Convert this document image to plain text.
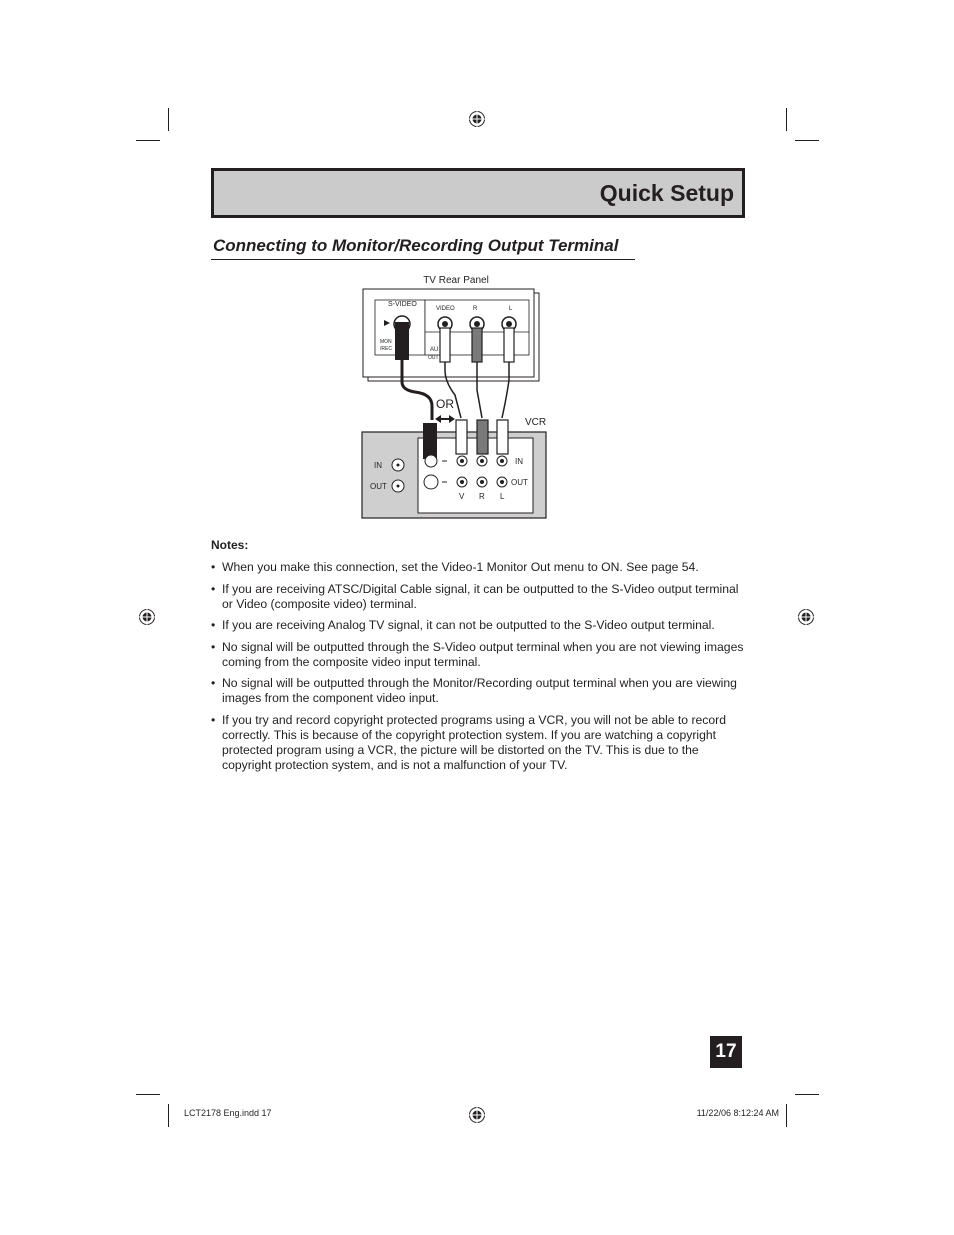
Quick Setup
Connecting to Monitor/Recording Output Terminal
TV Rear Panel
S-VIDEO
VIDEO	R	L
MON
/REC	AU
OUT
OR
VCR
IN
OUT
IN
OUT
V R L
Notes:
• When you make this connection, set the Video-1 Monitor Out menu to ON. See page 54.
• If you are receiving ATSC/Digital Cable signal, it can be outputted to the S-Video output terminal or Video (composite video) terminal.
• If you are receiving Analog TV signal, it can not be outputted to the S-Video output terminal.
• No signal will be outputted through the S-Video output terminal when you are not viewing images coming from the composite video input terminal.
• No signal will be outputted through the Monitor/Recording output terminal when you are viewing images from the component video input.
• If you try and record copyright protected programs using a VCR, you will not be able to record correctly. This is because of the copyright protection system. If you are watching a copyright protected program using a VCR, the picture will be distorted on the TV. This is due to the copyright protection system, and is not a malfunction of your TV.
17
LCT2178 Eng.indd 17	11/22/06 8:12:24 AM
